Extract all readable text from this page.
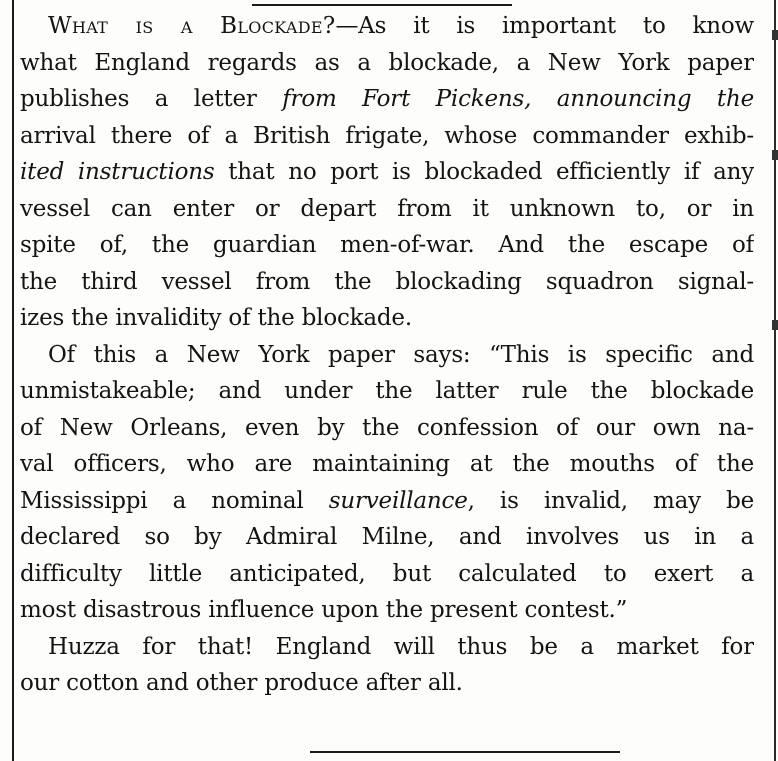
What is a Blockade?—As it is important to know
what England regards as a blockade, a New York paper
publishes a letter from Fort Pickens, announcing the
arrival there of a British frigate, whose commander exhib-
ited instructions that no port is blockaded efficiently if any
vessel can enter or depart from it unknown to, or in
spite of, the guardian men-of-war. And the escape of
the third vessel from the blockading squadron signal-
izes the invalidity of the blockade.
Of this a New York paper says: “This is specific and
unmistakeable; and under the latter rule the blockade
of New Orleans, even by the confession of our own na-
val officers, who are maintaining at the mouths of the
Mississippi a nominal surveillance, is invalid, may be
declared so by Admiral Milne, and involves us in a
difficulty little anticipated, but calculated to exert a
most disastrous influence upon the present contest.”
Huzza for that! England will thus be a market for
our cotton and other produce after all.
